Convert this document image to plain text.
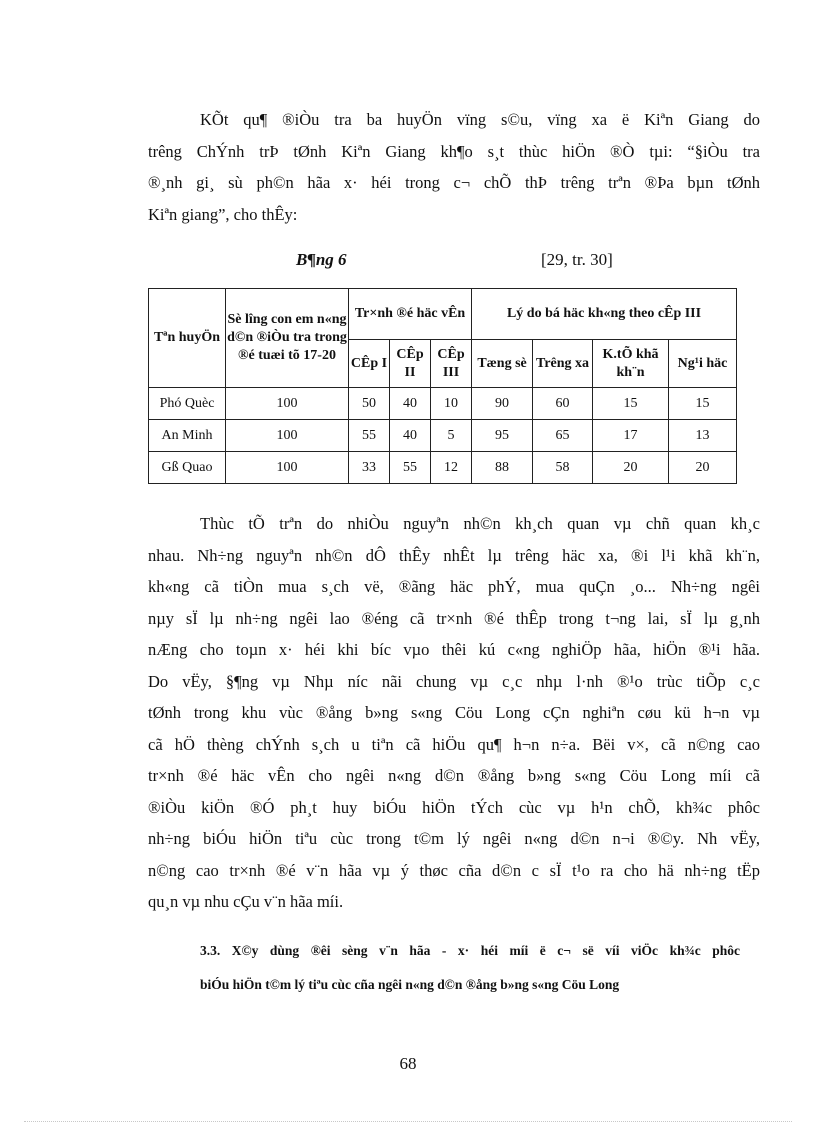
KÕt qu¶ ®iÒu tra ba huyÖn vïng s©u, vïng xa ë Kiªn Giang do

trêng ChÝnh trÞ tØnh Kiªn Giang kh¶o s¸t thùc hiÖn ®Ò tµi: “§iÒu tra

®¸nh gi¸ sù ph©n hãa x· héi trong c¬ chÕ thÞ trêng trªn ®Þa bµn tØnh

Kiªn giang”, cho thÊy:

B¶ng 6	[29, tr. 30]
Tªn huyÖn	Sè lîng con em n«ng d©n ®iÒu tra trong ®é tuæi tõ 17-20	Tr×nh ®é häc vÊn			Lý do bá häc kh«ng theo cÊp III			
		CÊp I	CÊp II	CÊp III	Tæng sè	Trêng xa	K.tÕ khã kh¨n	Ng¹i häc
Phó Quèc	100	50	40	10	90	60	15	15
An Minh	100	55	40	5	95	65	17	13
Gß Quao	100	33	55	12	88	58	20	20

Thùc tÕ trªn do nhiÒu nguyªn nh©n kh¸ch quan vµ chñ quan kh¸c

nhau. Nh÷ng nguyªn nh©n dÔ thÊy nhÊt lµ trêng häc xa, ®i l¹i khã kh¨n,

kh«ng cã tiÒn mua s¸ch vë, ®ãng häc phÝ, mua quÇn ¸o... Nh÷ng ngêi

nµy sÏ lµ nh÷ng ngêi lao ®éng cã tr×nh ®é thÊp trong t¬ng lai, sÏ lµ g¸nh

nÆng cho toµn x· héi khi bíc vµo thêi kú c«ng nghiÖp hãa, hiÖn ®¹i hãa.

Do vËy, §¶ng vµ Nhµ níc nãi chung vµ c¸c nhµ l·nh ®¹o trùc tiÕp c¸c

tØnh trong khu vùc ®ång b»ng s«ng Cöu Long cÇn nghiªn cøu kü h¬n vµ

cã hÖ thèng chÝnh s¸ch u tiªn cã hiÖu qu¶ h¬n n÷a. Bëi v×, cã n©ng cao

tr×nh ®é häc vÊn cho ngêi n«ng d©n ®ång b»ng s«ng Cöu Long míi cã

®iÒu kiÖn ®Ó ph¸t huy biÓu hiÖn tÝch cùc vµ h¹n chÕ, kh¾c phôc

nh÷ng biÓu hiÖn tiªu cùc trong t©m lý ngêi n«ng d©n n¬i ®©y. Nh vËy,

n©ng cao tr×nh ®é v¨n hãa vµ ý thøc cña d©n c sÏ t¹o ra cho hä nh÷ng tËp

qu¸n vµ nhu cÇu v¨n hãa míi.

3.3. X©y dùng ®êi sèng v¨n hãa - x· héi míi ë c¬ së víi viÖc kh¾c phôc

biÓu hiÖn t©m lý tiªu cùc cña ngêi n«ng d©n ®ång b»ng s«ng Cöu Long

68
